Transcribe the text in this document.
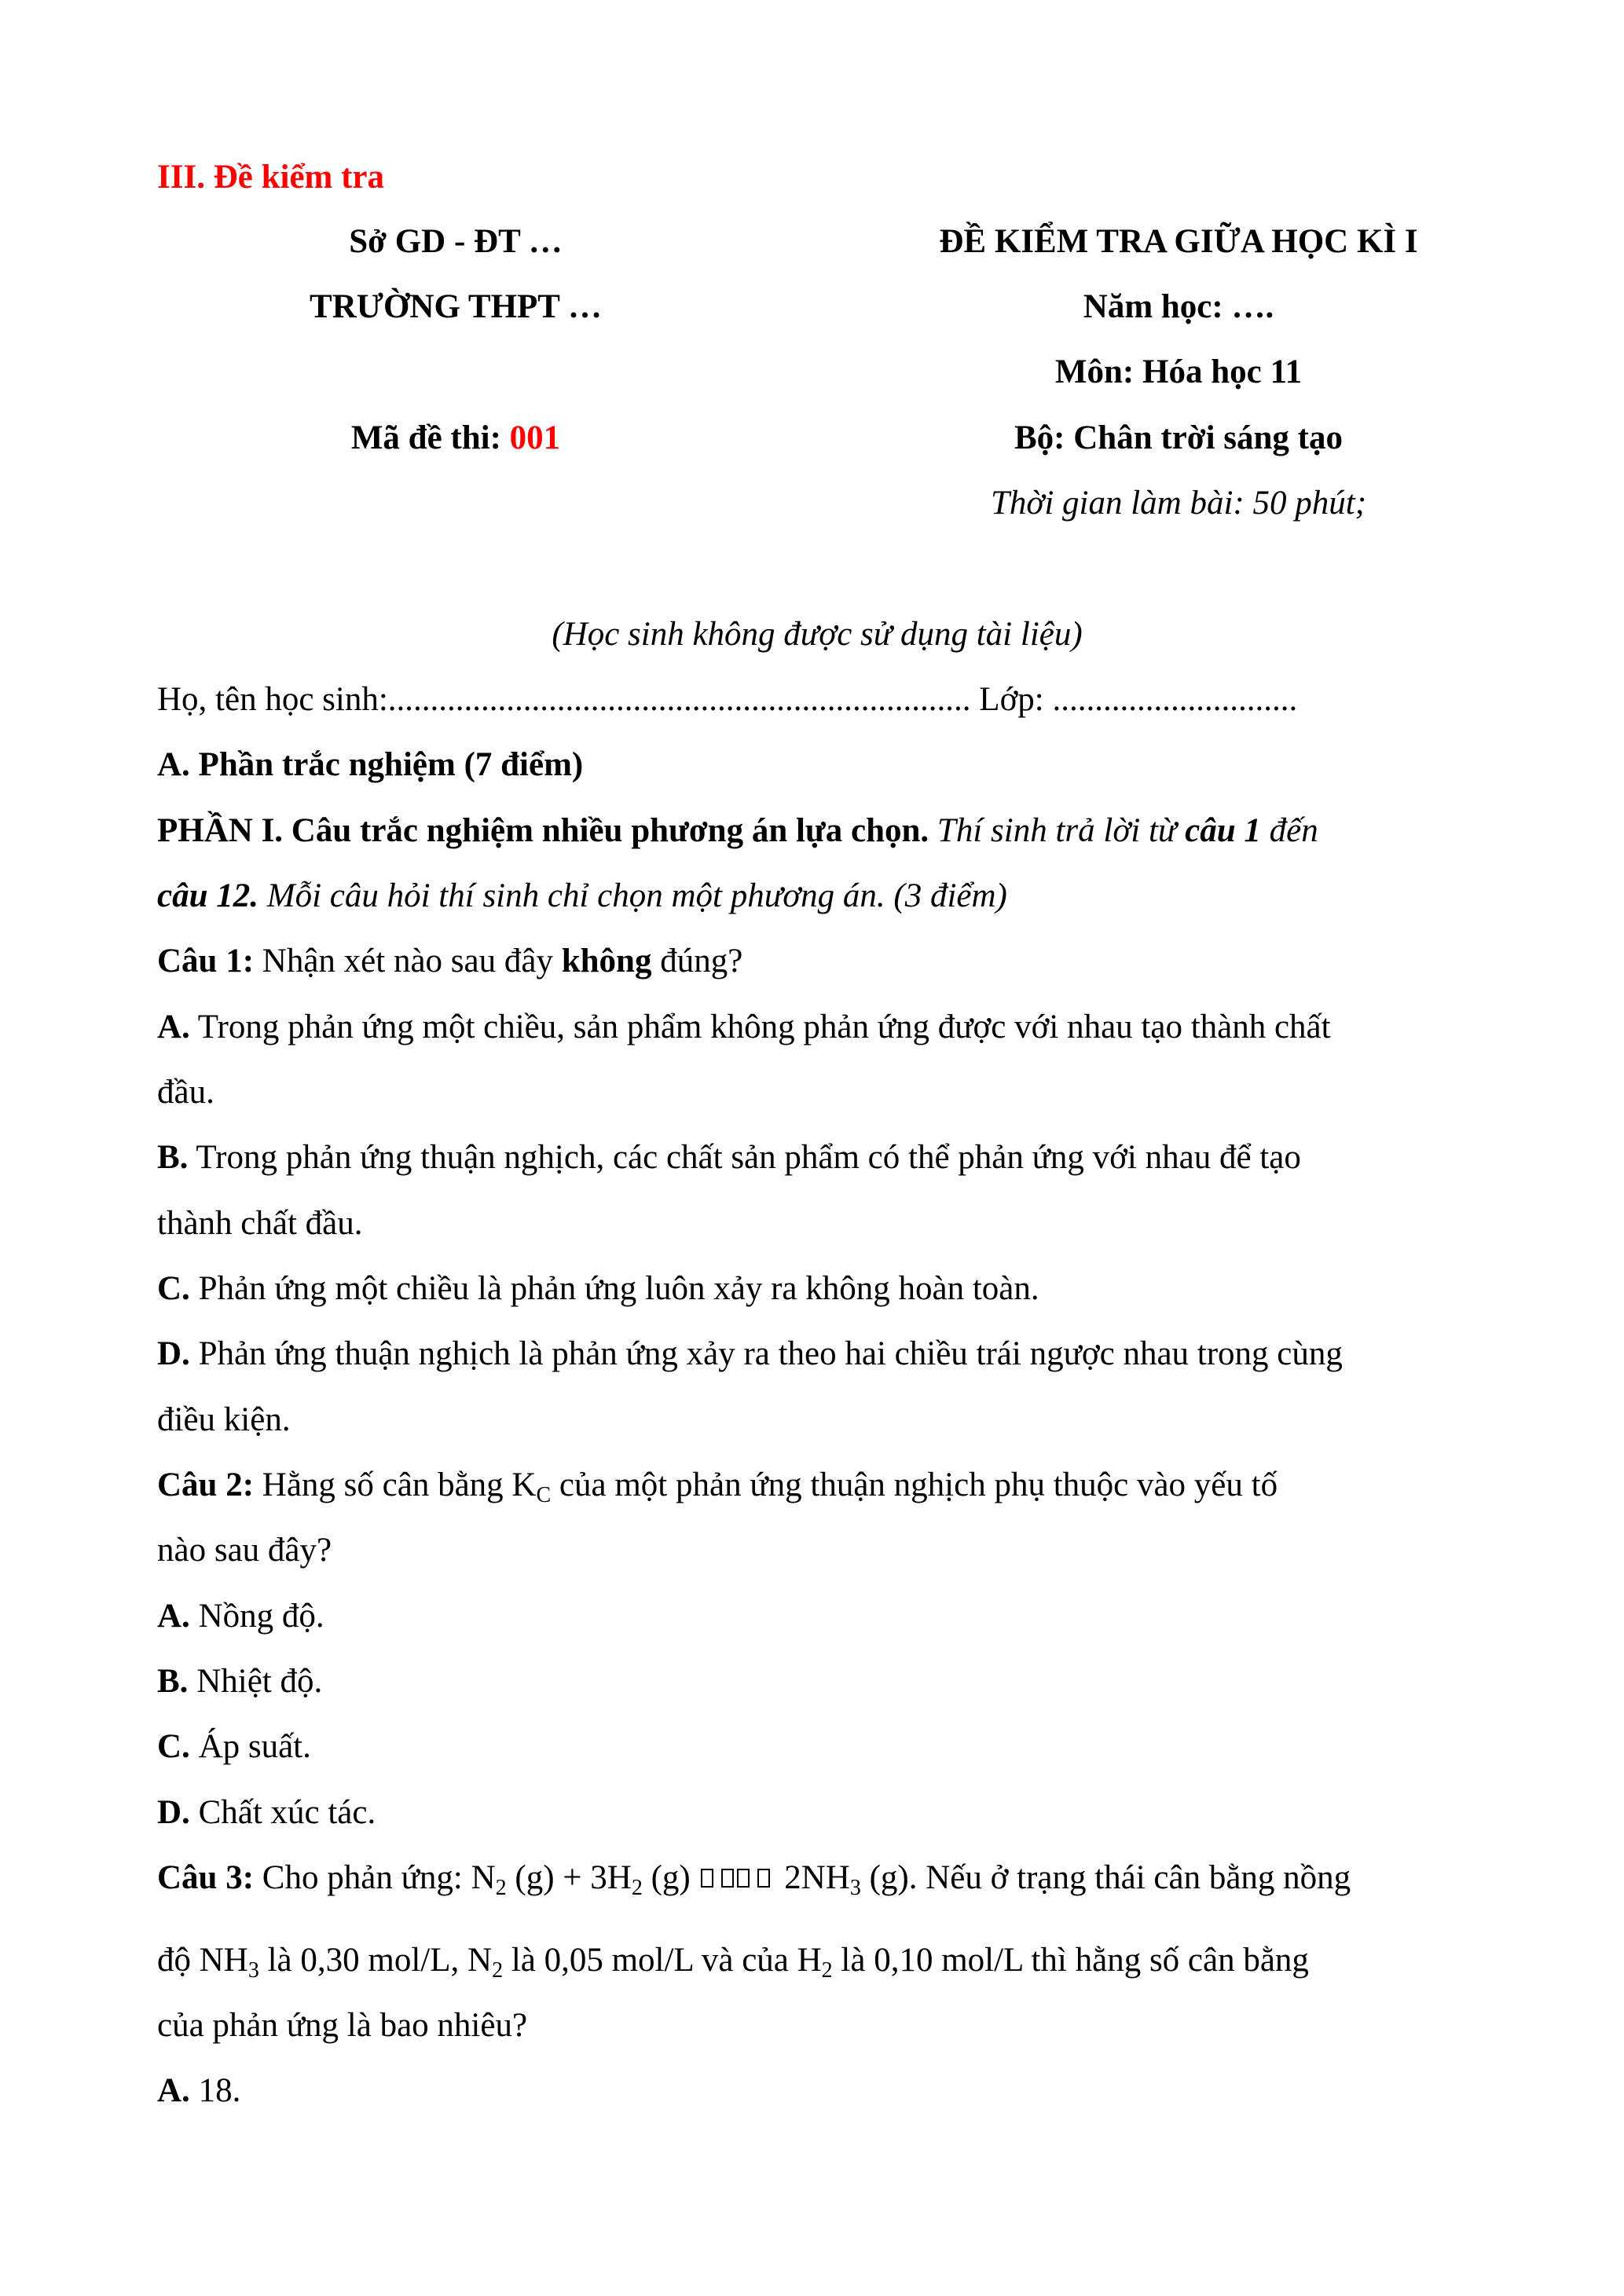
III. Đề kiểm tra
Sở GD - ĐT …
TRƯỜNG THPT …
Mã đề thi: 001
ĐỀ KIỂM TRA GIỮA HỌC KÌ I
Năm học: ….
Môn: Hóa học 11
Bộ: Chân trời sáng tạo
Thời gian làm bài: 50 phút;
(Học sinh không được sử dụng tài liệu)
Họ, tên học sinh:..................................................................... Lớp: .............................
A. Phần trắc nghiệm (7 điểm)
PHẦN I. Câu trắc nghiệm nhiều phương án lựa chọn. Thí sinh trả lời từ câu 1 đến
câu 12. Mỗi câu hỏi thí sinh chỉ chọn một phương án. (3 điểm)
Câu 1: Nhận xét nào sau đây không đúng?
A. Trong phản ứng một chiều, sản phẩm không phản ứng được với nhau tạo thành chất
đầu.
B. Trong phản ứng thuận nghịch, các chất sản phẩm có thể phản ứng với nhau để tạo
thành chất đầu.
C. Phản ứng một chiều là phản ứng luôn xảy ra không hoàn toàn.
D. Phản ứng thuận nghịch là phản ứng xảy ra theo hai chiều trái ngược nhau trong cùng
điều kiện.
Câu 2: Hằng số cân bằng $K_C$ của một phản ứng thuận nghịch phụ thuộc vào yếu tố
nào sau đây?
A. Nồng độ.
B. Nhiệt độ.
C. Áp suất.
D. Chất xúc tác.
Câu 3: Cho phản ứng: $N_2$ $(g) + 3H_2$ (g)  $2NH_3$ (g). Nếu ở trạng thái cân bằng nồng
độ $NH_3$ là 0,30 mol/L, $N_2$ là 0,05 mol/L và của $H_2$ là 0,10 mol/L thì hằng số cân bằng
của phản ứng là bao nhiêu?
A. 18.
